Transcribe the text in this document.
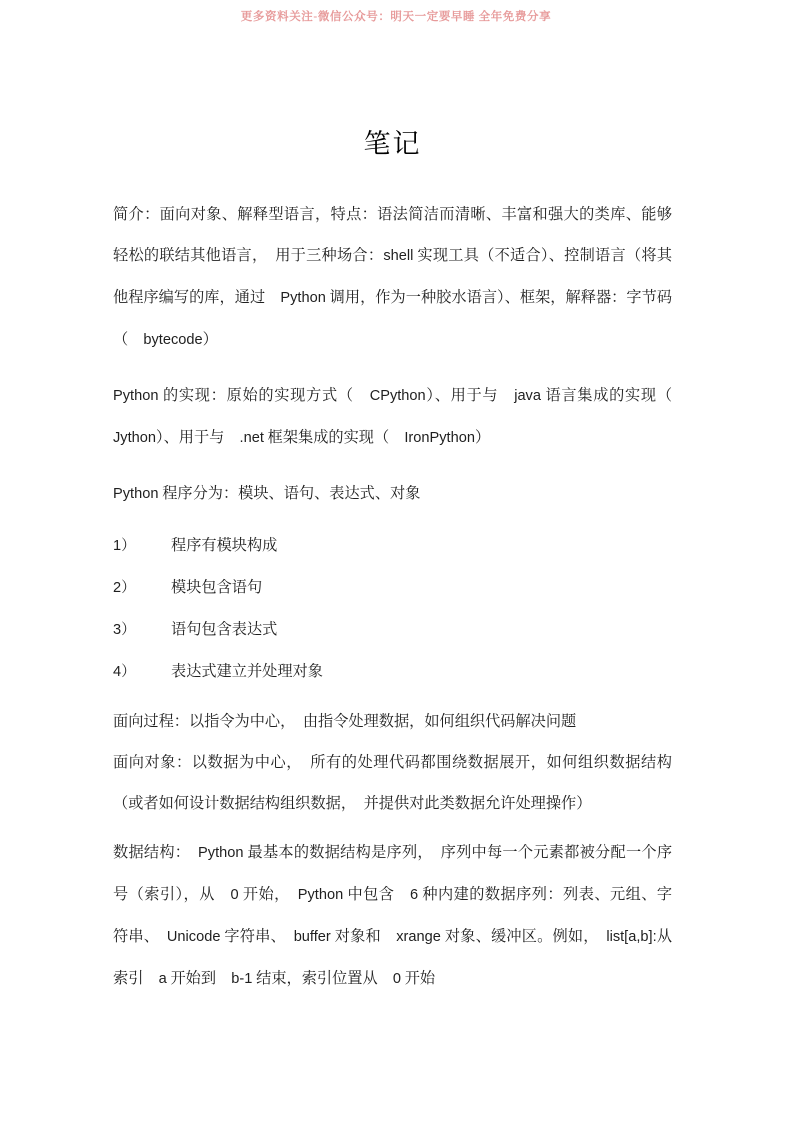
更多资料关注-微信公众号：明天一定要早睡 全年免费分享
笔记

简介：面向对象、解释型语言，特点：语法简洁而清晰、丰富和强大的类库、能够轻松的联结其他语言，　用于三种场合：shell 实现工具（不适合）、控制语言（将其他程序编写的库，通过　Python 调用，作为一种胶水语言）、框架，解释器：字节码（　bytecode）

Python 的实现：原始的实现方式（　CPython）、用于与　java 语言集成的实现（　Jython）、用于与　.net 框架集成的实现（　IronPython）

Python 程序分为：模块、语句、表达式、对象

1）	程序有模块构成
2）	模块包含语句
3）	语句包含表达式
4）	表达式建立并处理对象

面向过程：以指令为中心，　由指令处理数据，如何组织代码解决问题

面向对象：以数据为中心，　所有的处理代码都围绕数据展开，如何组织数据结构（或者如何设计数据结构组织数据，　并提供对此类数据允许处理操作）

数据结构：　Python 最基本的数据结构是序列，　序列中每一个元素都被分配一个序号（索引），从　0 开始，　Python 中包含　6 种内建的数据序列：列表、元组、字符串、　Unicode 字符串、　buffer 对象和　xrange 对象、缓冲区。例如，　list[a,b]:从索引　a 开始到　b-1 结束，索引位置从　0 开始
